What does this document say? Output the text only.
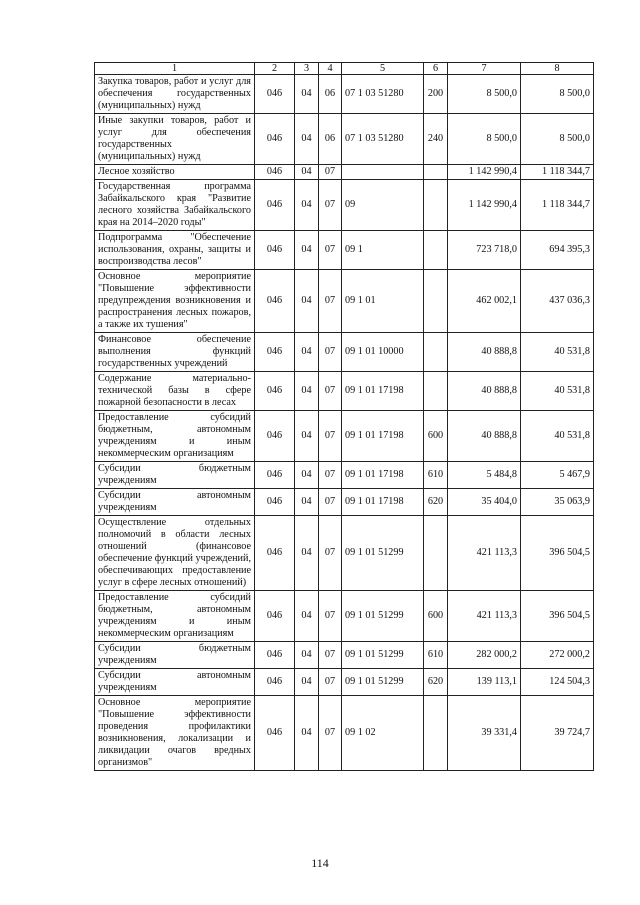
1	2	3	4	5	6	7	8
Закупка товаров, работ и услуг для обеспечения государственных (муниципальных) нужд	046	04	06	07 1 03 51280	200	8 500,0	8 500,0
Иные закупки товаров, работ и услуг для обеспечения государственных (муниципальных) нужд	046	04	06	07 1 03 51280	240	8 500,0	8 500,0
Лесное хозяйство	046	04	07			1 142 990,4	1 118 344,7
Государственная программа Забайкальского края "Развитие лесного хозяйства Забайкальского края на 2014–2020 годы"	046	04	07	09		1 142 990,4	1 118 344,7
Подпрограмма "Обеспечение использования, охраны, защиты и воспроизводства лесов"	046	04	07	09 1		723 718,0	694 395,3
Основное мероприятие "Повышение эффективности предупреждения возникновения и распространения лесных пожаров, а также их тушения"	046	04	07	09 1 01		462 002,1	437 036,3
Финансовое обеспечение выполнения функций государственных учреждений	046	04	07	09 1 01 10000		40 888,8	40 531,8
Содержание материально-технической базы в сфере пожарной безопасности в лесах	046	04	07	09 1 01 17198		40 888,8	40 531,8
Предоставление субсидий бюджетным, автономным учреждениям и иным некоммерческим организациям	046	04	07	09 1 01 17198	600	40 888,8	40 531,8
Субсидии бюджетным учреждениям	046	04	07	09 1 01 17198	610	5 484,8	5 467,9
Субсидии автономным учреждениям	046	04	07	09 1 01 17198	620	35 404,0	35 063,9
Осуществление отдельных полномочий в области лесных отношений (финансовое обеспечение функций учреждений, обеспечивающих предоставление услуг в сфере лесных отношений)	046	04	07	09 1 01 51299		421 113,3	396 504,5
Предоставление субсидий бюджетным, автономным учреждениям и иным некоммерческим организациям	046	04	07	09 1 01 51299	600	421 113,3	396 504,5
Субсидии бюджетным учреждениям	046	04	07	09 1 01 51299	610	282 000,2	272 000,2
Субсидии автономным учреждениям	046	04	07	09 1 01 51299	620	139 113,1	124 504,3
Основное мероприятие "Повышение эффективности проведения профилактики возникновения, локализации и ликвидации очагов вредных организмов"	046	04	07	09 1 02		39 331,4	39 724,7
114
